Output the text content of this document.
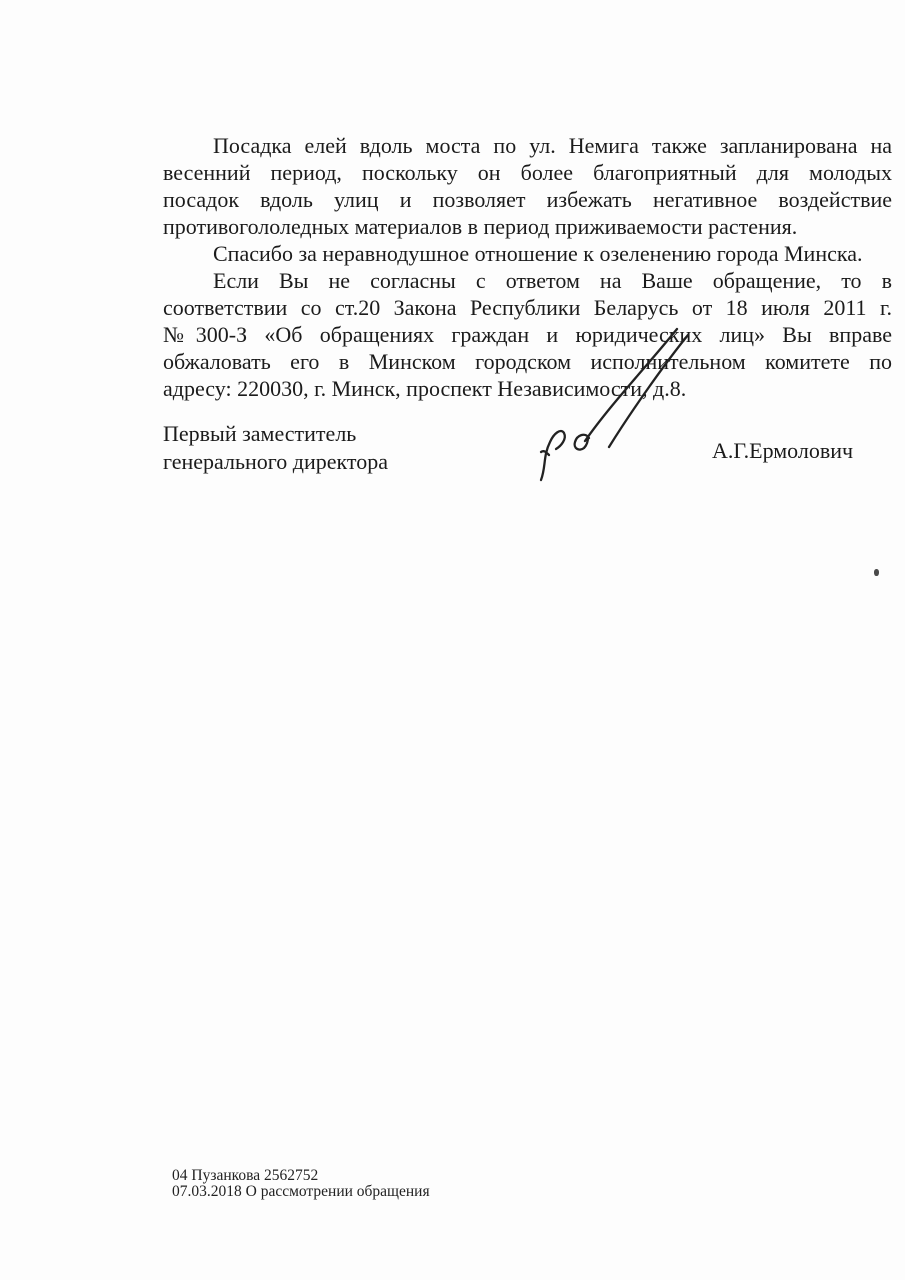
Посадка елей вдоль моста по ул. Немига также запланирована на
весенний период, поскольку он более благоприятный для молодых
посадок вдоль улиц и позволяет избежать негативное воздействие
противогололедных материалов в период приживаемости растения.
Спасибо за неравнодушное отношение к озеленению города Минска.
Если Вы не согласны с ответом на Ваше обращение, то в
соответствии со ст.20 Закона Республики Беларусь от 18 июля 2011 г.
№300-З «Об обращениях граждан и юридических лиц» Вы вправе
обжаловать его в Минском городском исполнительном комитете по
адресу: 220030, г. Минск, проспект Независимости, д.8.
Первый заместитель
генерального директора	А.Г.Ермолович
04 Пузанкова 2562752
07.03.2018 О рассмотрении обращения
